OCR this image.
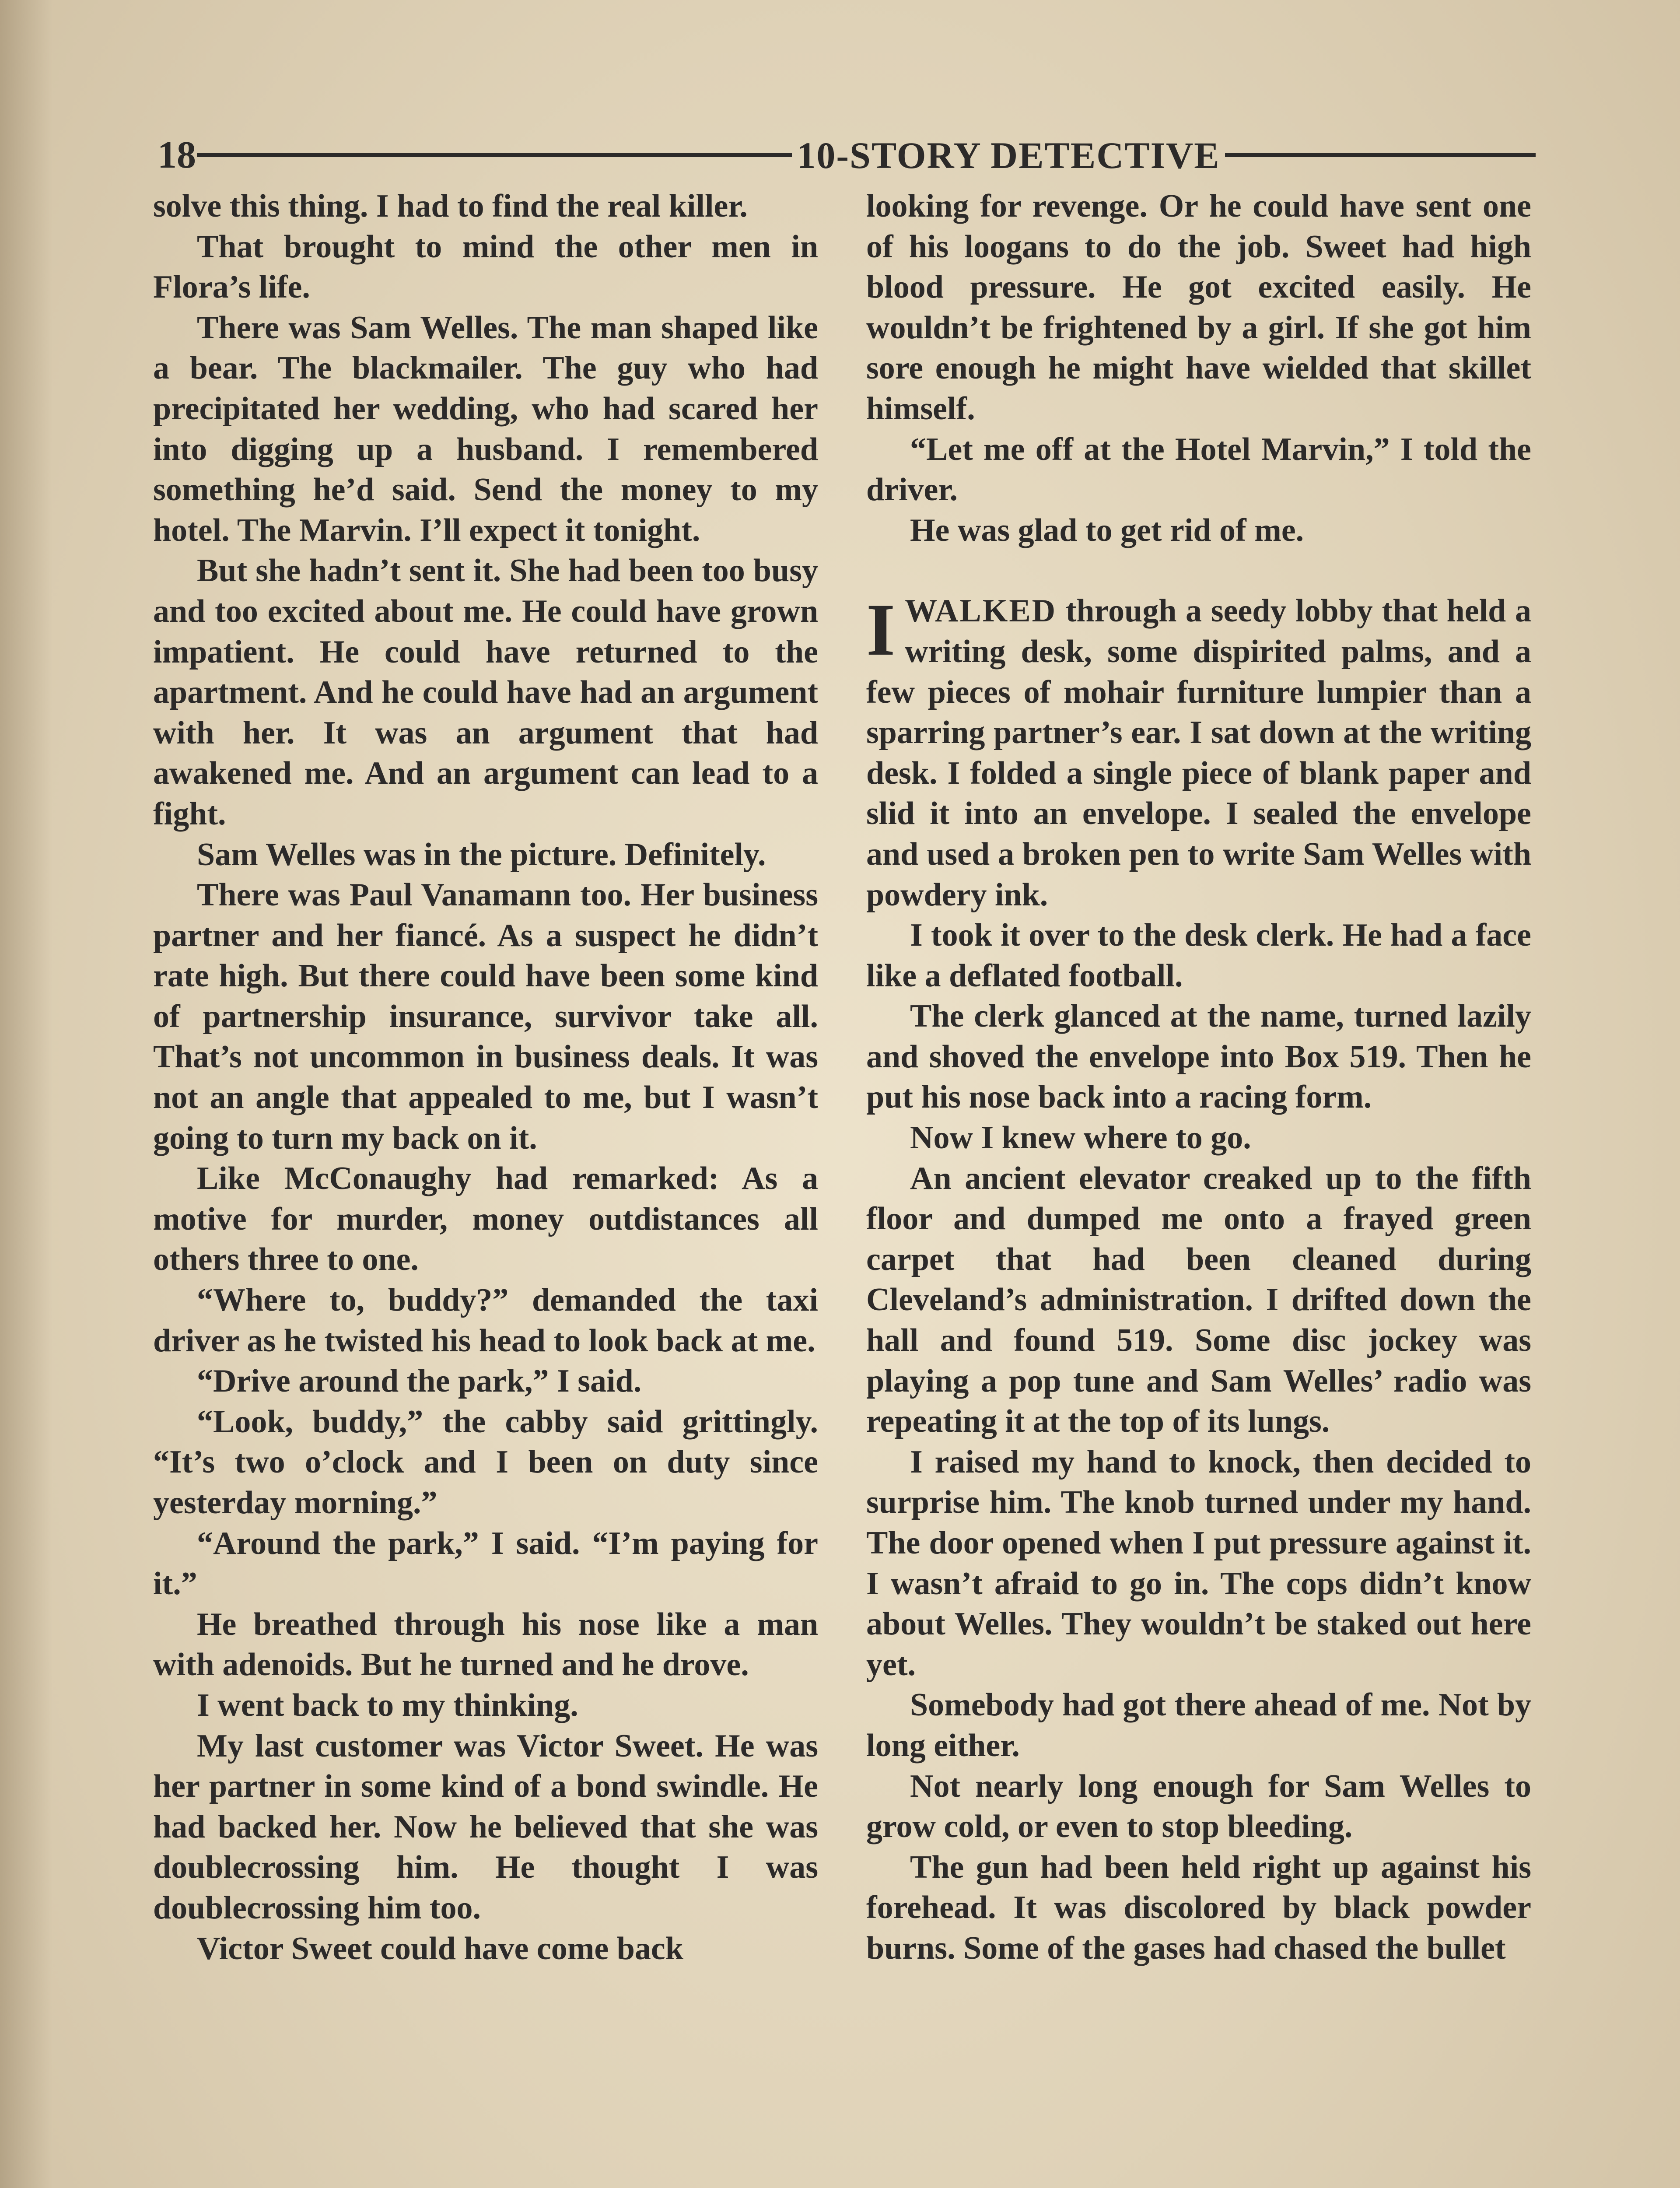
18	10-STORY DETECTIVE

solve this thing. I had to find the real killer.

That brought to mind the other men in Flora’s life.

There was Sam Welles. The man shaped like a bear. The blackmailer. The guy who had precipitated her wedding, who had scared her into digging up a husband. I remembered something he’d said. Send the money to my hotel. The Marvin. I’ll expect it tonight.

But she hadn’t sent it. She had been too busy and too excited about me. He could have grown impatient. He could have returned to the apartment. And he could have had an argument with her. It was an argument that had awakened me. And an argument can lead to a fight.

Sam Welles was in the picture. Definitely.

There was Paul Vanamann too. Her business partner and her fiancé. As a suspect he didn’t rate high. But there could have been some kind of partnership insurance, survivor take all. That’s not uncommon in business deals. It was not an angle that appealed to me, but I wasn’t going to turn my back on it.

Like McConaughy had remarked: As a motive for murder, money outdistances all others three to one.

“Where to, buddy?” demanded the taxi driver as he twisted his head to look back at me.

“Drive around the park,” I said.

“Look, buddy,” the cabby said grittingly. “It’s two o’clock and I been on duty since yesterday morning.”

“Around the park,” I said. “I’m paying for it.”

He breathed through his nose like a man with adenoids. But he turned and he drove.

I went back to my thinking.

My last customer was Victor Sweet. He was her partner in some kind of a bond swindle. He had backed her. Now he believed that she was doublecrossing him. He thought I was doublecrossing him too.

Victor Sweet could have come back

looking for revenge. Or he could have sent one of his loogans to do the job. Sweet had high blood pressure. He got excited easily. He wouldn’t be frightened by a girl. If she got him sore enough he might have wielded that skillet himself.

“Let me off at the Hotel Marvin,” I told the driver.

He was glad to get rid of me.

IWALKED through a seedy lobby that held a writing desk, some dispirited palms, and a few pieces of mohair furniture lumpier than a sparring partner’s ear. I sat down at the writing desk. I folded a single piece of blank paper and slid it into an envelope. I sealed the envelope and used a broken pen to write Sam Welles with powdery ink.

I took it over to the desk clerk. He had a face like a deflated football.

The clerk glanced at the name, turned lazily and shoved the envelope into Box 519. Then he put his nose back into a racing form.

Now I knew where to go.

An ancient elevator creaked up to the fifth floor and dumped me onto a frayed green carpet that had been cleaned during Cleveland’s administration. I drifted down the hall and found 519. Some disc jockey was playing a pop tune and Sam Welles’ radio was repeating it at the top of its lungs.

I raised my hand to knock, then decided to surprise him. The knob turned under my hand. The door opened when I put pressure against it. I wasn’t afraid to go in. The cops didn’t know about Welles. They wouldn’t be staked out here yet.

Somebody had got there ahead of me. Not by long either.

Not nearly long enough for Sam Welles to grow cold, or even to stop bleeding.

The gun had been held right up against his forehead. It was discolored by black powder burns. Some of the gases had chased the bullet
